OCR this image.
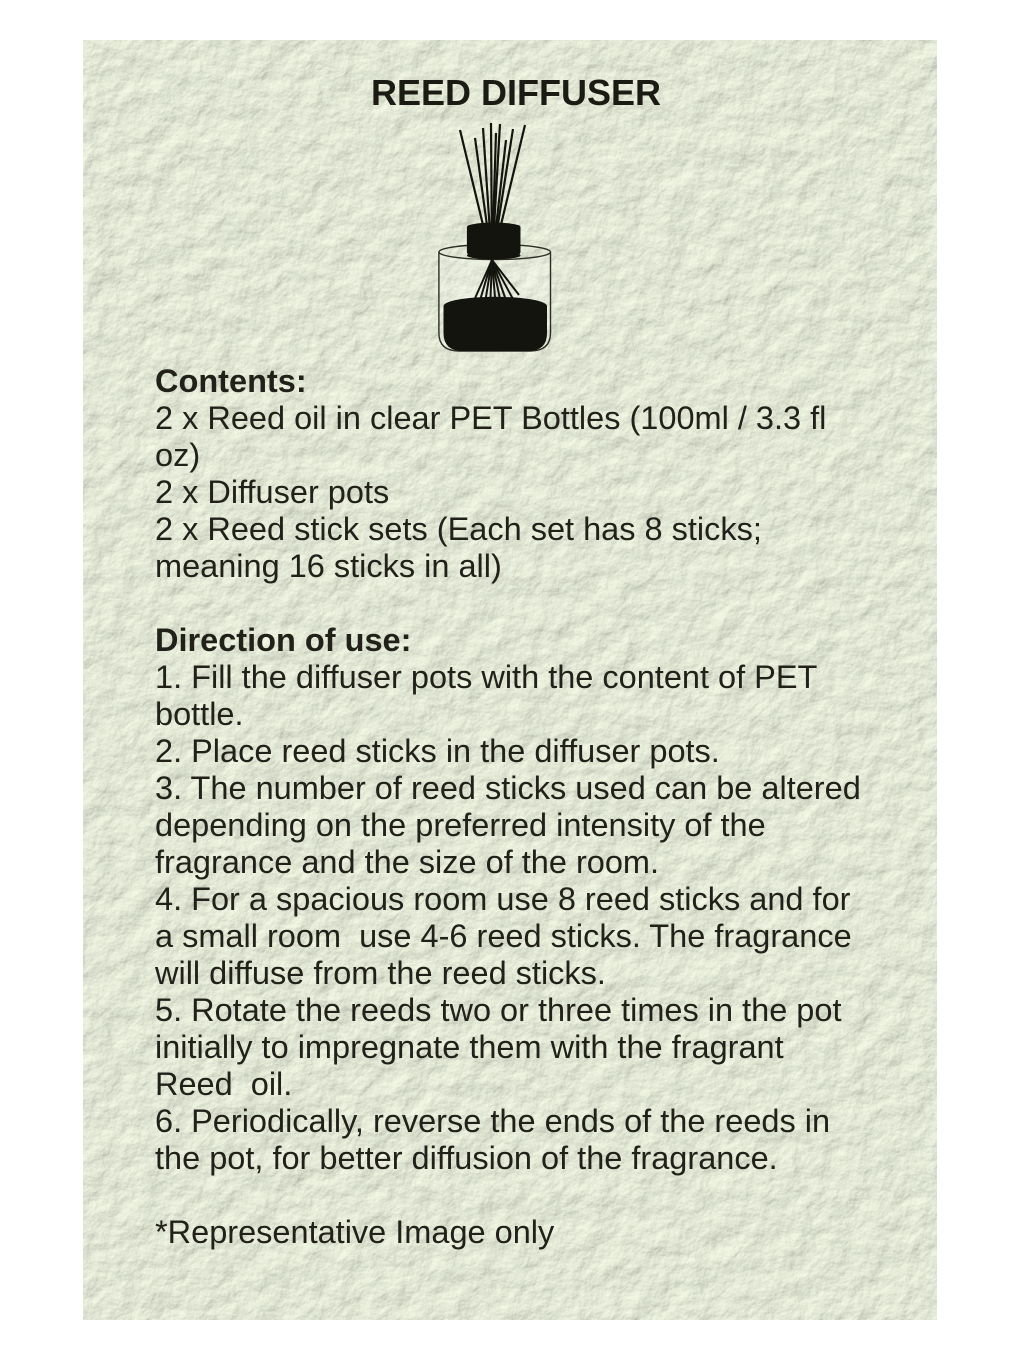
REED DIFFUSER
Contents:
2 x Reed oil in clear PET Bottles (100ml / 3.3 fl oz)
2 x Diffuser pots
2 x Reed stick sets (Each set has 8 sticks; meaning 16 sticks in all)
Direction of use:
1. Fill the diffuser pots with the content of PET bottle.
2. Place reed sticks in the diffuser pots.
3. The number of reed sticks used can be altered depending on the preferred intensity of the fragrance and the size of the room.
4. For a spacious room use 8 reed sticks and for a small room  use 4-6 reed sticks. The fragrance will diffuse from the reed sticks.
5. Rotate the reeds two or three times in the pot initially to impregnate them with the fragrant Reed  oil.
6. Periodically, reverse the ends of the reeds in the pot, for better diffusion of the fragrance.
*Representative Image only
